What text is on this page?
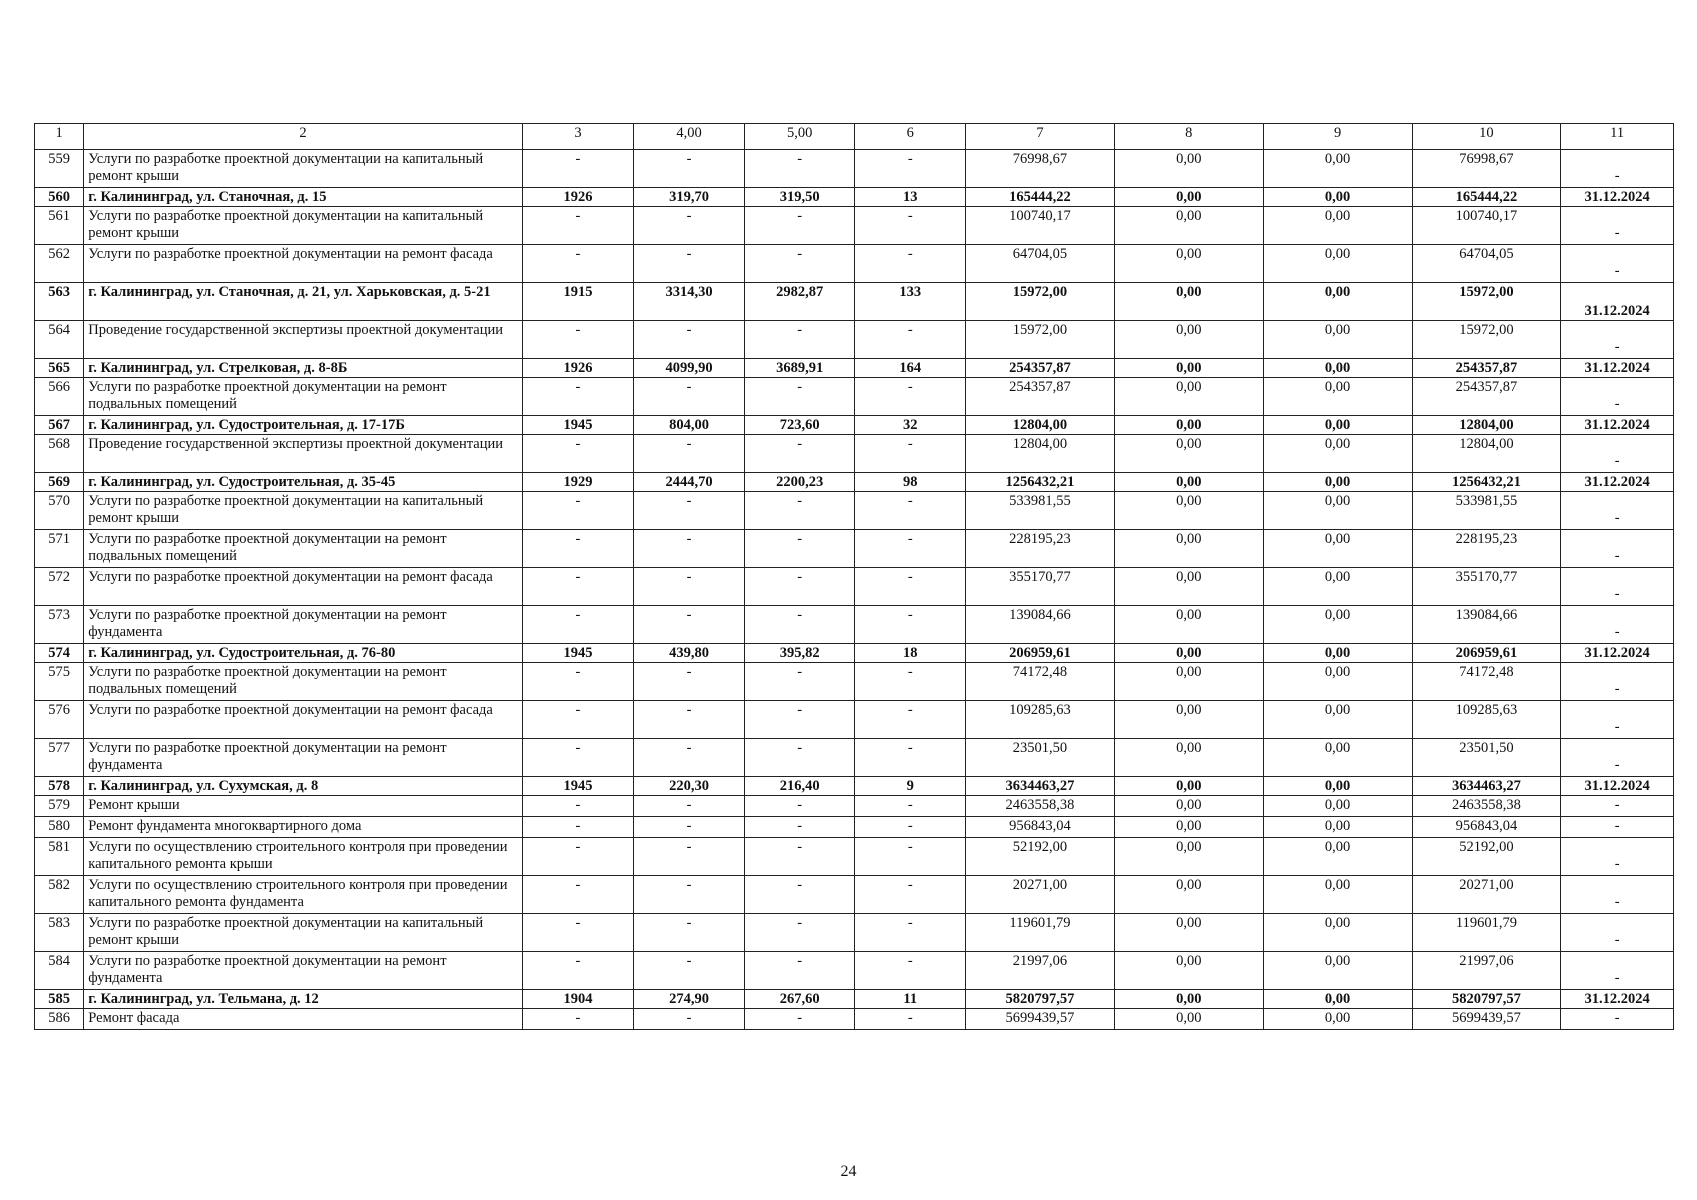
1	2	3	4,00	5,00	6	7	8	9	10	11
559	Услуги по разработке проектной документации на капитальный ремонт крыши	-	-	-	-	76998,67	0,00	0,00	76998,67	-
560	г. Калининград, ул. Станочная, д. 15	1926	319,70	319,50	13	165444,22	0,00	0,00	165444,22	31.12.2024
561	Услуги по разработке проектной документации на капитальный ремонт крыши	-	-	-	-	100740,17	0,00	0,00	100740,17	-
562	Услуги по разработке проектной документации на ремонт фасада	-	-	-	-	64704,05	0,00	0,00	64704,05	-
563	г. Калининград, ул. Станочная, д. 21, ул. Харьковская, д. 5-21	1915	3314,30	2982,87	133	15972,00	0,00	0,00	15972,00	31.12.2024
564	Проведение государственной экспертизы проектной документации	-	-	-	-	15972,00	0,00	0,00	15972,00	-
565	г. Калининград, ул. Стрелковая, д. 8-8Б	1926	4099,90	3689,91	164	254357,87	0,00	0,00	254357,87	31.12.2024
566	Услуги по разработке проектной документации на ремонт подвальных помещений	-	-	-	-	254357,87	0,00	0,00	254357,87	-
567	г. Калининград, ул. Судостроительная, д. 17-17Б	1945	804,00	723,60	32	12804,00	0,00	0,00	12804,00	31.12.2024
568	Проведение государственной экспертизы проектной документации	-	-	-	-	12804,00	0,00	0,00	12804,00	-
569	г. Калининград, ул. Судостроительная, д. 35-45	1929	2444,70	2200,23	98	1256432,21	0,00	0,00	1256432,21	31.12.2024
570	Услуги по разработке проектной документации на капитальный ремонт крыши	-	-	-	-	533981,55	0,00	0,00	533981,55	-
571	Услуги по разработке проектной документации на ремонт подвальных помещений	-	-	-	-	228195,23	0,00	0,00	228195,23	-
572	Услуги по разработке проектной документации на ремонт фасада	-	-	-	-	355170,77	0,00	0,00	355170,77	-
573	Услуги по разработке проектной документации на ремонт фундамента	-	-	-	-	139084,66	0,00	0,00	139084,66	-
574	г. Калининград, ул. Судостроительная, д. 76-80	1945	439,80	395,82	18	206959,61	0,00	0,00	206959,61	31.12.2024
575	Услуги по разработке проектной документации на ремонт подвальных помещений	-	-	-	-	74172,48	0,00	0,00	74172,48	-
576	Услуги по разработке проектной документации на ремонт фасада	-	-	-	-	109285,63	0,00	0,00	109285,63	-
577	Услуги по разработке проектной документации на ремонт фундамента	-	-	-	-	23501,50	0,00	0,00	23501,50	-
578	г. Калининград, ул. Сухумская, д. 8	1945	220,30	216,40	9	3634463,27	0,00	0,00	3634463,27	31.12.2024
579	Ремонт крыши	-	-	-	-	2463558,38	0,00	0,00	2463558,38	-
580	Ремонт фундамента многоквартирного дома	-	-	-	-	956843,04	0,00	0,00	956843,04	-
581	Услуги по осуществлению строительного контроля при проведении капитального ремонта крыши	-	-	-	-	52192,00	0,00	0,00	52192,00	-
582	Услуги по осуществлению строительного контроля при проведении капитального ремонта фундамента	-	-	-	-	20271,00	0,00	0,00	20271,00	-
583	Услуги по разработке проектной документации на капитальный ремонт крыши	-	-	-	-	119601,79	0,00	0,00	119601,79	-
584	Услуги по разработке проектной документации на ремонт фундамента	-	-	-	-	21997,06	0,00	0,00	21997,06	-
585	г. Калининград, ул. Тельмана, д. 12	1904	274,90	267,60	11	5820797,57	0,00	0,00	5820797,57	31.12.2024
586	Ремонт фасада	-	-	-	-	5699439,57	0,00	0,00	5699439,57	-
24
